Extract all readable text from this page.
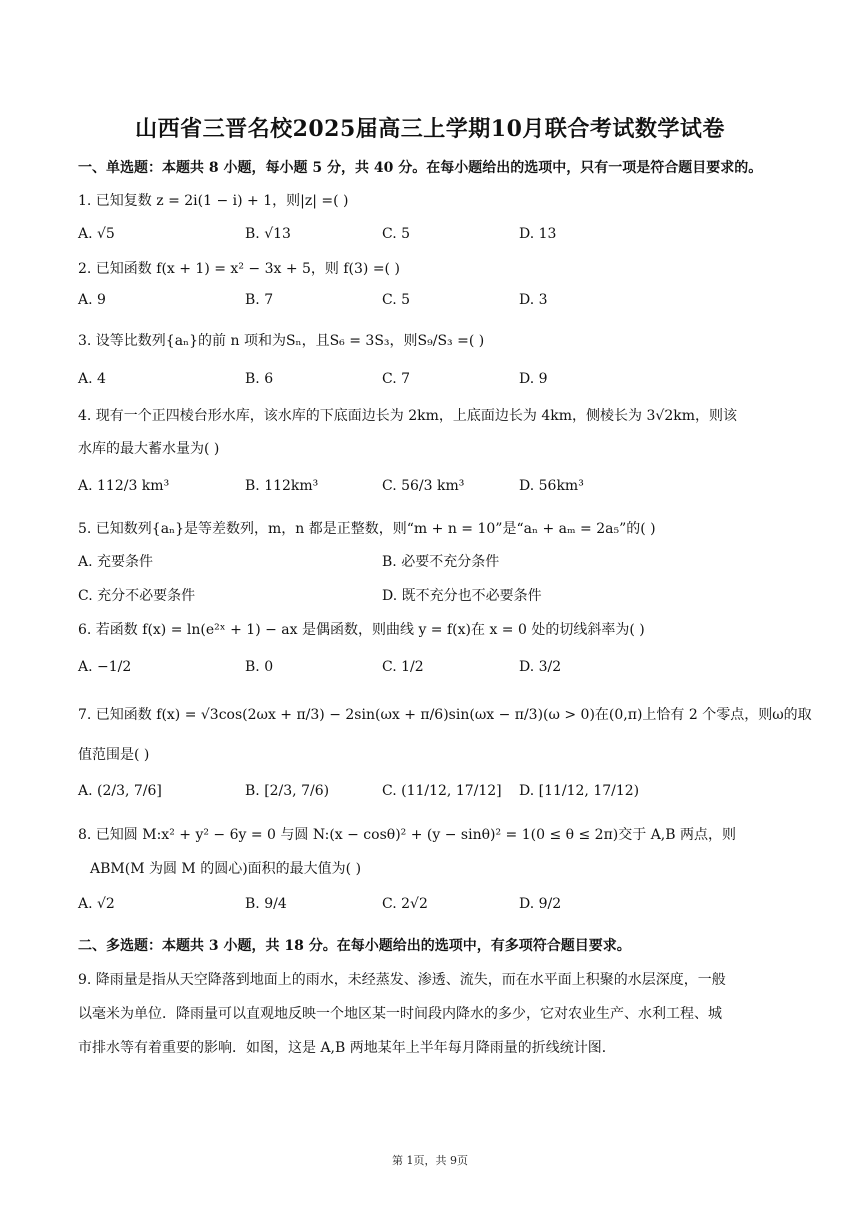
山西省三晋名校2025届高三上学期10月联合考试数学试卷
一、单选题：本题共 8 小题，每小题 5 分，共 40 分。在每小题给出的选项中，只有一项是符合题目要求的。
1. 已知复数 z = 2i(1 − i) + 1，则|z| =( )
A. √5	B. √13	C. 5	D. 13
2. 已知函数 f(x + 1) = x² − 3x + 5，则 f(3) =( )
A. 9	B. 7	C. 5	D. 3
3. 设等比数列{aₙ}的前 n 项和为Sₙ，且S₆ = 3S₃，则S₉/S₃ =( )
A. 4	B. 6	C. 7	D. 9
4. 现有一个正四棱台形水库，该水库的下底面边长为 2km，上底面边长为 4km，侧棱长为 3√2km，则该
水库的最大蓄水量为( )
A. 112/3 km³	B. 112km³	C. 56/3 km³	D. 56km³
5. 已知数列{aₙ}是等差数列，m，n 都是正整数，则“m + n = 10”是“aₙ + aₘ = 2a₅”的( )
A. 充要条件	B. 必要不充分条件
C. 充分不必要条件	D. 既不充分也不必要条件
6. 若函数 f(x) = ln(e²ˣ + 1) − ax 是偶函数，则曲线 y = f(x)在 x = 0 处的切线斜率为( )
A. −1/2	B. 0	C. 1/2	D. 3/2
7. 已知函数 f(x) = √3cos(2ωx + π/3) − 2sin(ωx + π/6)sin(ωx − π/3)(ω > 0)在(0,π)上恰有 2 个零点，则ω的取
值范围是( )
A. (2/3, 7/6]	B. [2/3, 7/6)	C. (11/12, 17/12] D. [11/12, 17/12)
8. 已知圆 M:x² + y² − 6y = 0 与圆 N:(x − cosθ)² + (y − sinθ)² = 1(0 ≤ θ ≤ 2π)交于 A,B 两点，则
ABM(M 为圆 M 的圆心)面积的最大值为( )
A. √2	B. 9/4	C. 2√2	D. 9/2
二、多选题：本题共 3 小题，共 18 分。在每小题给出的选项中，有多项符合题目要求。
9. 降雨量是指从天空降落到地面上的雨水，未经蒸发、渗透、流失，而在水平面上积聚的水层深度，一般
以毫米为单位．降雨量可以直观地反映一个地区某一时间段内降水的多少，它对农业生产、水利工程、城
市排水等有着重要的影响．如图，这是 A,B 两地某年上半年每月降雨量的折线统计图．
第 1页，共 9页
